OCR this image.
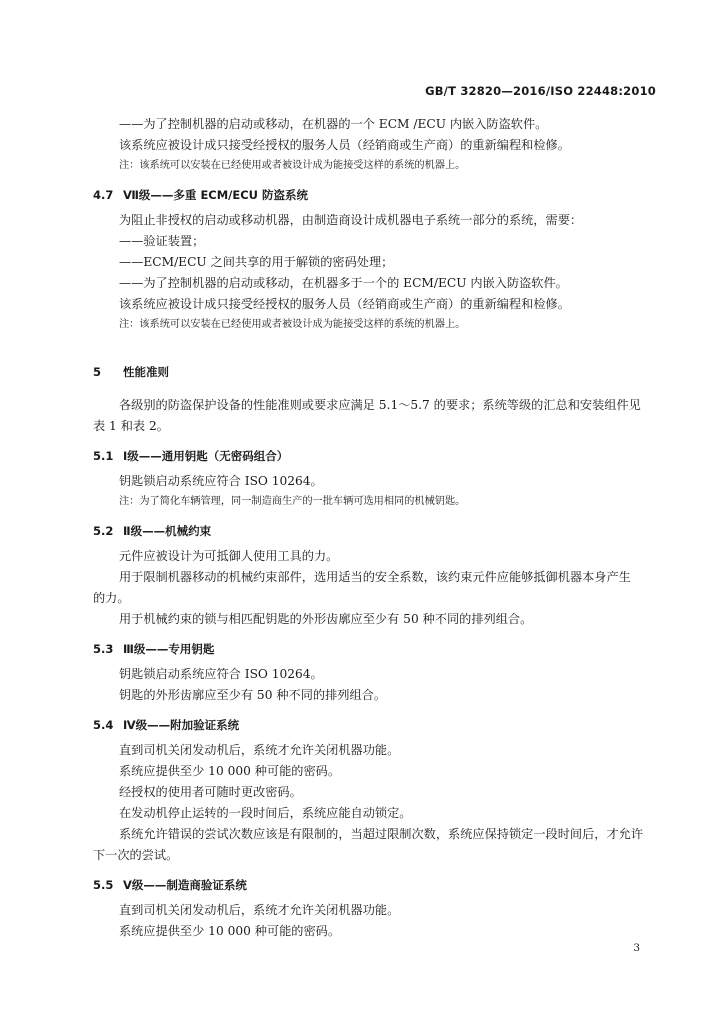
GB/T 32820—2016/ISO 22448:2010
——为了控制机器的启动或移动，在机器的一个 ECM /ECU 内嵌入防盗软件。
该系统应被设计成只接受经授权的服务人员（经销商或生产商）的重新编程和检修。
注：该系统可以安装在已经使用或者被设计成为能接受这样的系统的机器上。
4.7 Ⅶ级——多重 ECM/ECU 防盗系统
为阻止非授权的启动或移动机器，由制造商设计成机器电子系统一部分的系统，需要：
——验证装置；
——ECM/ECU 之间共享的用于解锁的密码处理；
——为了控制机器的启动或移动，在机器多于一个的 ECM/ECU 内嵌入防盗软件。
该系统应被设计成只接受经授权的服务人员（经销商或生产商）的重新编程和检修。
注：该系统可以安装在已经使用或者被设计成为能接受这样的系统的机器上。
5 性能准则
各级别的防盗保护设备的性能准则或要求应满足 5.1～5.7 的要求；系统等级的汇总和安装组件见
表 1 和表 2。
5.1 Ⅰ级——通用钥匙（无密码组合）
钥匙锁启动系统应符合 ISO 10264。
注：为了简化车辆管理，同一制造商生产的一批车辆可选用相同的机械钥匙。
5.2 Ⅱ级——机械约束
元件应被设计为可抵御人使用工具的力。
用于限制机器移动的机械约束部件，选用适当的安全系数，该约束元件应能够抵御机器本身产生
的力。
用于机械约束的锁与相匹配钥匙的外形齿廓应至少有 50 种不同的排列组合。
5.3 Ⅲ级——专用钥匙
钥匙锁启动系统应符合 ISO 10264。
钥匙的外形齿廓应至少有 50 种不同的排列组合。
5.4 Ⅳ级——附加验证系统
直到司机关闭发动机后，系统才允许关闭机器功能。
系统应提供至少 10 000 种可能的密码。
经授权的使用者可随时更改密码。
在发动机停止运转的一段时间后，系统应能自动锁定。
系统允许错误的尝试次数应该是有限制的，当超过限制次数，系统应保持锁定一段时间后，才允许
下一次的尝试。
5.5 Ⅴ级——制造商验证系统
直到司机关闭发动机后，系统才允许关闭机器功能。
系统应提供至少 10 000 种可能的密码。
3
